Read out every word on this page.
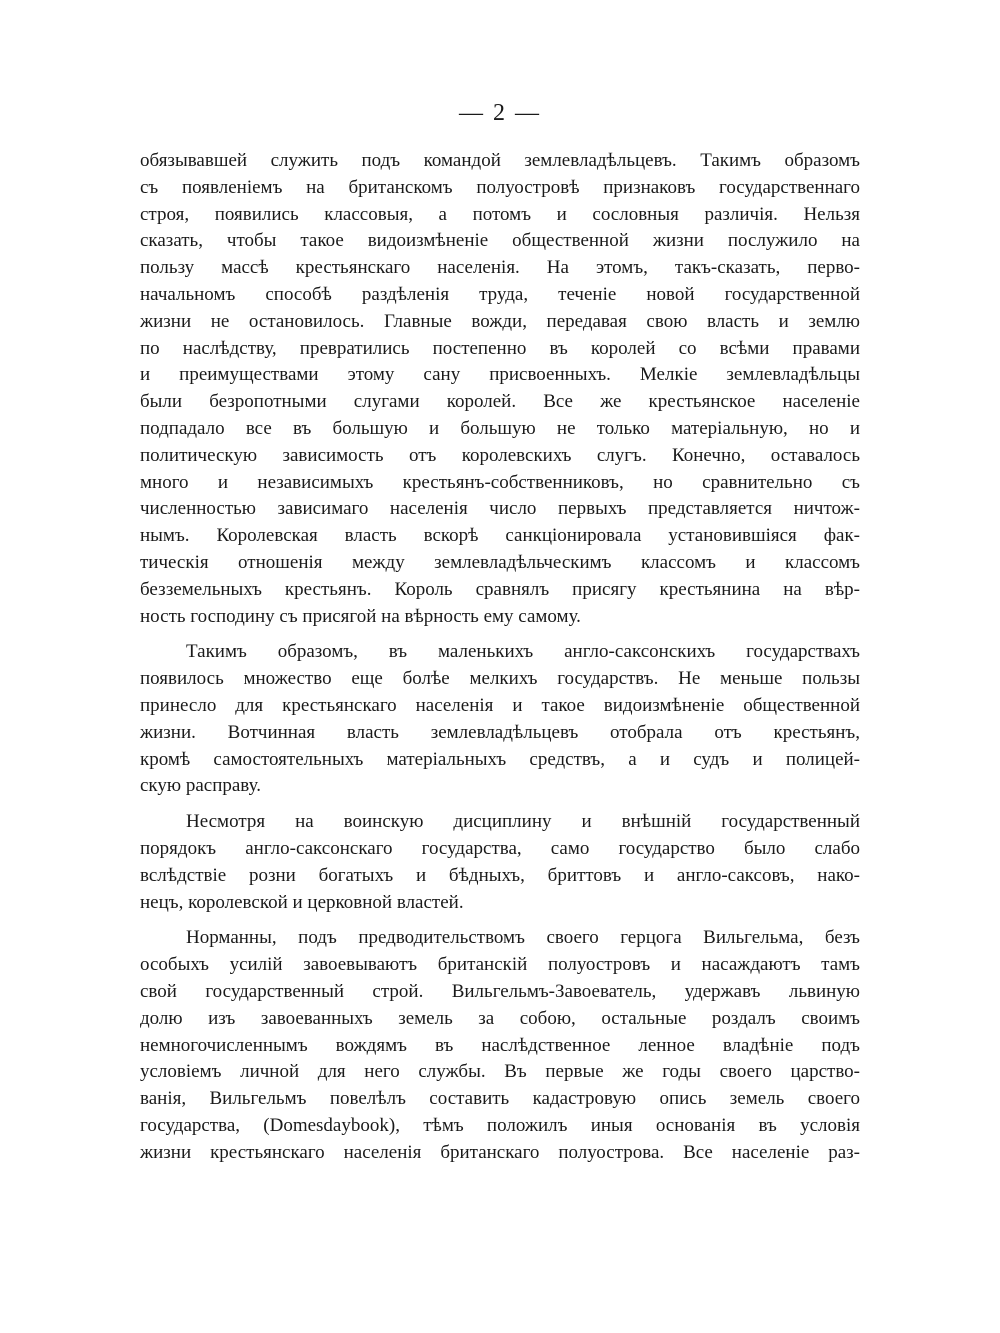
— 2 —
обязывавшей служить подъ командой землевладѣльцевъ. Такимъ образомъ
съ появленіемъ на британскомъ полуостровѣ признаковъ государственнаго
строя, появились классовыя, а потомъ и сословныя различія. Нельзя
сказать, чтобы такое видоизмѣненіе общественной жизни послужило на
пользу массѣ крестьянскаго населенія. На этомъ, такъ-сказать, перво-
начальномъ способѣ раздѣленія труда, теченіе новой государственной
жизни не остановилось. Главные вожди, передавая свою власть и землю
по наслѣдству, превратились постепенно въ королей со всѣми правами
и преимуществами этому сану присвоенныхъ. Мелкіе землевладѣльцы
были безропотными слугами королей. Все же крестьянское населеніе
подпадало все въ большую и большую не только матеріальную, но и
политическую зависимость отъ королевскихъ слугъ. Конечно, оставалось
много и независимыхъ крестьянъ-собственниковъ, но сравнительно съ
численностью зависимаго населенія число первыхъ представляется ничтож-
нымъ. Королевская власть вскорѣ санкціонировала установившіяся фак-
тическія отношенія между землевладѣльческимъ классомъ и классомъ
безземельныхъ крестьянъ. Король сравнялъ присягу крестьянина на вѣр-
ность господину съ присягой на вѣрность ему самому.
Такимъ образомъ, въ маленькихъ англо-саксонскихъ государствахъ
появилось множество еще болѣе мелкихъ государствъ. Не меньше пользы
принесло для крестьянскаго населенія и такое видоизмѣненіе общественной
жизни. Вотчинная власть землевладѣльцевъ отобрала отъ крестьянъ,
кромѣ самостоятельныхъ матеріальныхъ средствъ, а и судъ и полицей-
скую расправу.
Несмотря на воинскую дисциплину и внѣшній государственный
порядокъ англо-саксонскаго государства, само государство было слабо
вслѣдствіе розни богатыхъ и бѣдныхъ, бриттовъ и англо-саксовъ, нако-
нецъ, королевской и церковной властей.
Норманны, подъ предводительствомъ своего герцога Вильгельма, безъ
особыхъ усилій завоевываютъ британскій полуостровъ и насаждаютъ тамъ
свой государственный строй. Вильгельмъ-Завоеватель, удержавъ львиную
долю изъ завоеванныхъ земель за собою, остальные роздалъ своимъ
немногочисленнымъ вождямъ въ наслѣдственное ленное владѣніе подъ
условіемъ личной для него службы. Въ первые же годы своего царство-
ванія, Вильгельмъ повелѣлъ составить кадастровую опись земель своего
государства, (Domesdaybook), тѣмъ положилъ иныя основанія въ условія
жизни крестьянскаго населенія британскаго полуострова. Все населеніе раз-
